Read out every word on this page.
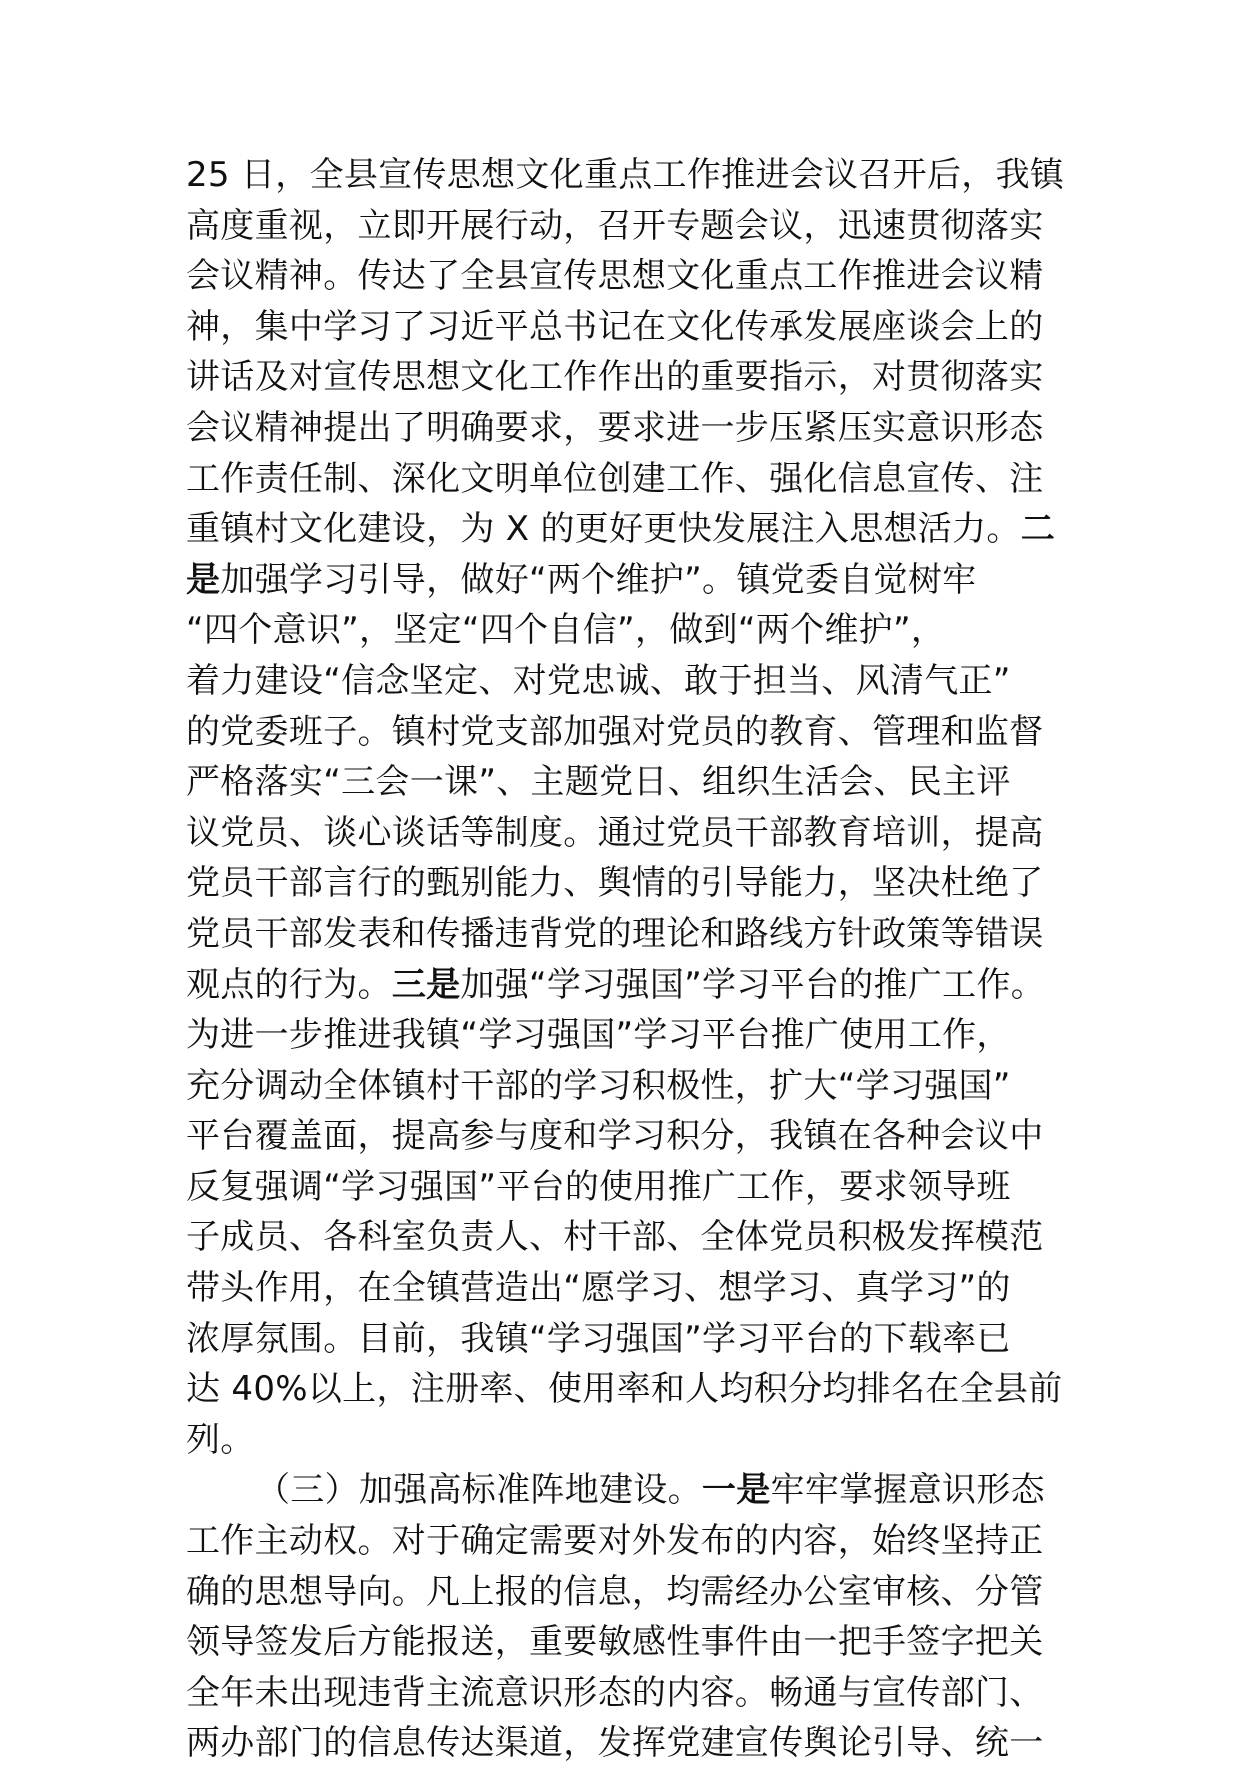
25 日，全县宣传思想文化重点工作推进会议召开后，我镇
高度重视，立即开展行动，召开专题会议，迅速贯彻落实
会议精神。传达了全县宣传思想文化重点工作推进会议精
神，集中学习了习近平总书记在文化传承发展座谈会上的
讲话及对宣传思想文化工作作出的重要指示，对贯彻落实
会议精神提出了明确要求，要求进一步压紧压实意识形态
工作责任制、深化文明单位创建工作、强化信息宣传、注
重镇村文化建设，为 X 的更好更快发展注入思想活力。二
是加强学习引导，做好“两个维护”。镇党委自觉树牢
“四个意识”，坚定“四个自信”，做到“两个维护”，
着力建设“信念坚定、对党忠诚、敢于担当、风清气正”
的党委班子。镇村党支部加强对党员的教育、管理和监督
严格落实“三会一课”、主题党日、组织生活会、民主评
议党员、谈心谈话等制度。通过党员干部教育培训，提高
党员干部言行的甄别能力、舆情的引导能力，坚决杜绝了
党员干部发表和传播违背党的理论和路线方针政策等错误
观点的行为。三是加强“学习强国”学习平台的推广工作。
为进一步推进我镇“学习强国”学习平台推广使用工作，
充分调动全体镇村干部的学习积极性，扩大“学习强国”
平台覆盖面，提高参与度和学习积分，我镇在各种会议中
反复强调“学习强国”平台的使用推广工作，要求领导班
子成员、各科室负责人、村干部、全体党员积极发挥模范
带头作用，在全镇营造出“愿学习、想学习、真学习”的
浓厚氛围。目前，我镇“学习强国”学习平台的下载率已
达 40%以上，注册率、使用率和人均积分均排名在全县前
列。
（三）加强高标准阵地建设。一是牢牢掌握意识形态
工作主动权。对于确定需要对外发布的内容，始终坚持正
确的思想导向。凡上报的信息，均需经办公室审核、分管
领导签发后方能报送，重要敏感性事件由一把手签字把关
全年未出现违背主流意识形态的内容。畅通与宣传部门、
两办部门的信息传达渠道，发挥党建宣传舆论引导、统一
